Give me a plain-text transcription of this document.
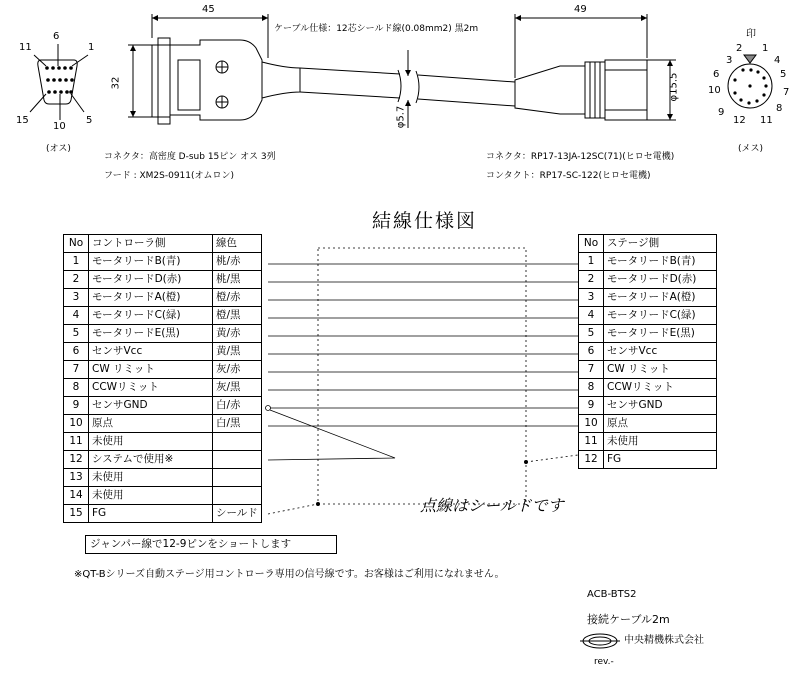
45
32
φ5.7
49
φ15.5
ケーブル仕様：12芯シールド線(0.08mm2) 黒2m
6
11	1
15
10
5
(オス)
コネクタ：高密度 D-sub 15ピン オス 3列
フード : XM2S-0911(オムロン)
印
2 1
3	4
5
6
7
10
8
9
12 11
(メス)
コネクタ：RP17-13JA-12SC(71)(ヒロセ電機)
コンタクト：RP17-SC-122(ヒロセ電機)
結線仕様図
No	コントローラ側	線色
1	モータリードB(青)	桃/赤
2	モータリードD(赤)	桃/黒
3	モータリードA(橙)	橙/赤
4	モータリードC(緑)	橙/黒
5	モータリードE(黒)	黄/赤
6	センサVcc	黄/黒
7	CW リミット	灰/赤
8	CCWリミット	灰/黒
9	センサGND	白/赤
10	原点	白/黒
11	未使用	
12	システムで使用※	
13	未使用	
14	未使用	
15	FG	シールド
No	ステージ側
1	モータリードB(青)
2	モータリードD(赤)
3	モータリードA(橙)
4	モータリードC(緑)
5	モータリードE(黒)
6	センサVcc
7	CW リミット
8	CCWリミット
9	センサGND
10	原点
11	未使用
12	FG
点線はシールドです
ジャンパー線で12-9ピンをショートします
※QT-Bシリーズ自動ステージ用コントローラ専用の信号線です。お客様はご利用になれません。
ACB-BTS2
接続ケーブル2m
中央精機株式会社
rev.-
